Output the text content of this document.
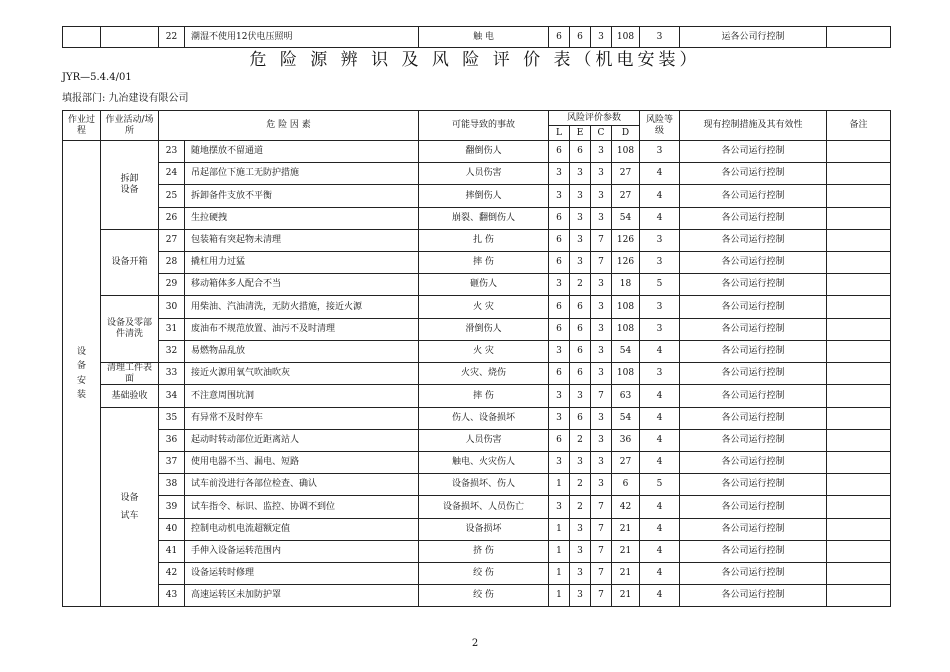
		22	潮湿不使用12伏电压照明	触 电	6	6	3	108	3	运各公司行控制	
危 险 源 辨 识 及 风 险 评 价 表（机电安装）
JYR—5.4.4/01
填报部门: 九冶建设有限公司
作业过程	作业活动/场所	危 险 因 素		可能导致的事故	风险评价参数				风险等级	现有控制措施及其有效性	备注
					L	E	C	D			
设备安装	拆卸设备	23	随地摆放不留通道	翻倒伤人	6	6	3	108	3	各公司运行控制	
		24	吊起部位下施工无防护措施	人员伤害	3	3	3	27	4	各公司运行控制	
		25	拆卸备件支放不平衡	摔倒伤人	3	3	3	27	4	各公司运行控制	
		26	生拉硬拽	崩裂、翻倒伤人	6	3	3	54	4	各公司运行控制	
	设备开箱	27	包装箱有突起物未清理	扎 伤	6	3	7	126	3	各公司运行控制	
		28	撬杠用力过猛	摔 伤	6	3	7	126	3	各公司运行控制	
		29	移动箱体多人配合不当	砸伤人	3	2	3	18	5	各公司运行控制	
	设备及零部件清洗	30	用柴油、汽油清洗，无防火措施，接近火源	火 灾	6	6	3	108	3	各公司运行控制	
		31	废油布不规范放置、油污不及时清理	滑倒伤人	6	6	3	108	3	各公司运行控制	
		32	易燃物品乱放	火 灾	3	6	3	54	4	各公司运行控制	
	清理工件表面	33	接近火源用氧气吹油吹灰	火灾、烧伤	6	6	3	108	3	各公司运行控制	
	基础验收	34	不注意周围坑洞	摔 伤	3	3	7	63	4	各公司运行控制	
	设备试车	35	有异常不及时停车	伤人、设备损坏	3	6	3	54	4	各公司运行控制	
		36	起动时转动部位近距离站人	人员伤害	6	2	3	36	4	各公司运行控制	
		37	使用电器不当、漏电、短路	触电、火灾伤人	3	3	3	27	4	各公司运行控制	
		38	试车前没进行各部位检查、确认	设备损坏、伤人	1	2	3	6	5	各公司运行控制	
		39	试车指令、标识、监控、协调不到位	设备损坏、人员伤亡	3	2	7	42	4	各公司运行控制	
		40	控制电动机电流超额定值	设备损坏	1	3	7	21	4	各公司运行控制	
		41	手伸入设备运转范围内	挤 伤	1	3	7	21	4	各公司运行控制	
		42	设备运转时修理	绞 伤	1	3	7	21	4	各公司运行控制	
		43	高速运转区未加防护罩	绞 伤	1	3	7	21	4	各公司运行控制	
2
